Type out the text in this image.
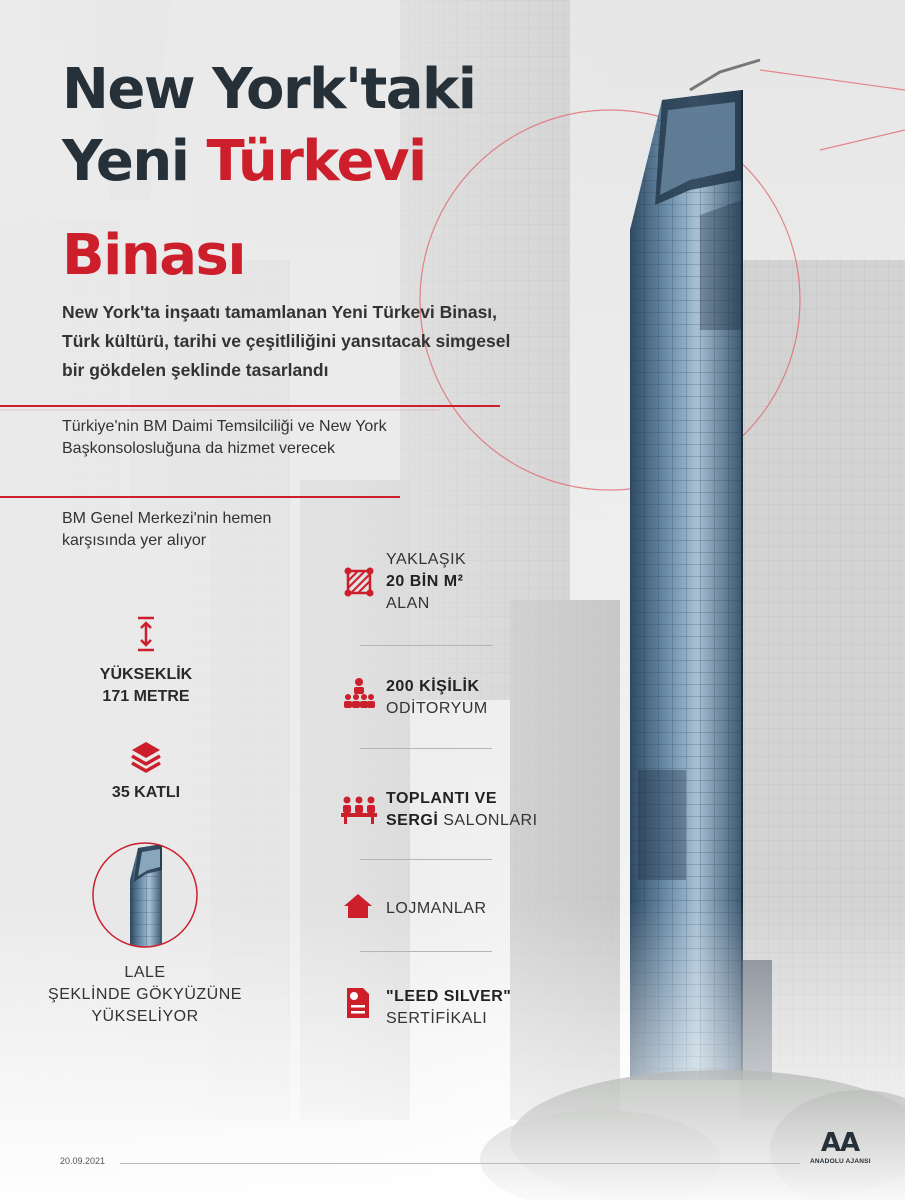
New York'taki
Yeni Türkevi
Binası
New York'ta inşaatı tamamlanan Yeni Türkevi Binası, Türk kültürü, tarihi ve çeşitliliğini yansıtacak simgesel bir gökdelen şeklinde tasarlandı
Türkiye'nin BM Daimi Temsilciliği ve New York Başkonsolosluğuna da hizmet verecek
BM Genel Merkezi'nin hemen karşısında yer alıyor
YÜKSEKLİK
171 METRE
35 KATLI
LALE
ŞEKLİNDE GÖKYÜZÜNE
YÜKSELİYOR
YAKLAŞIK
20 BİN M²
ALAN
200 KİŞİLİK
ODİTORYUM
TOPLANTI VE
SERGİ SALONLARI
LOJMANLAR
"LEED SILVER"
SERTİFİKALI
20.09.2021
AA
ANADOLU AJANSI
